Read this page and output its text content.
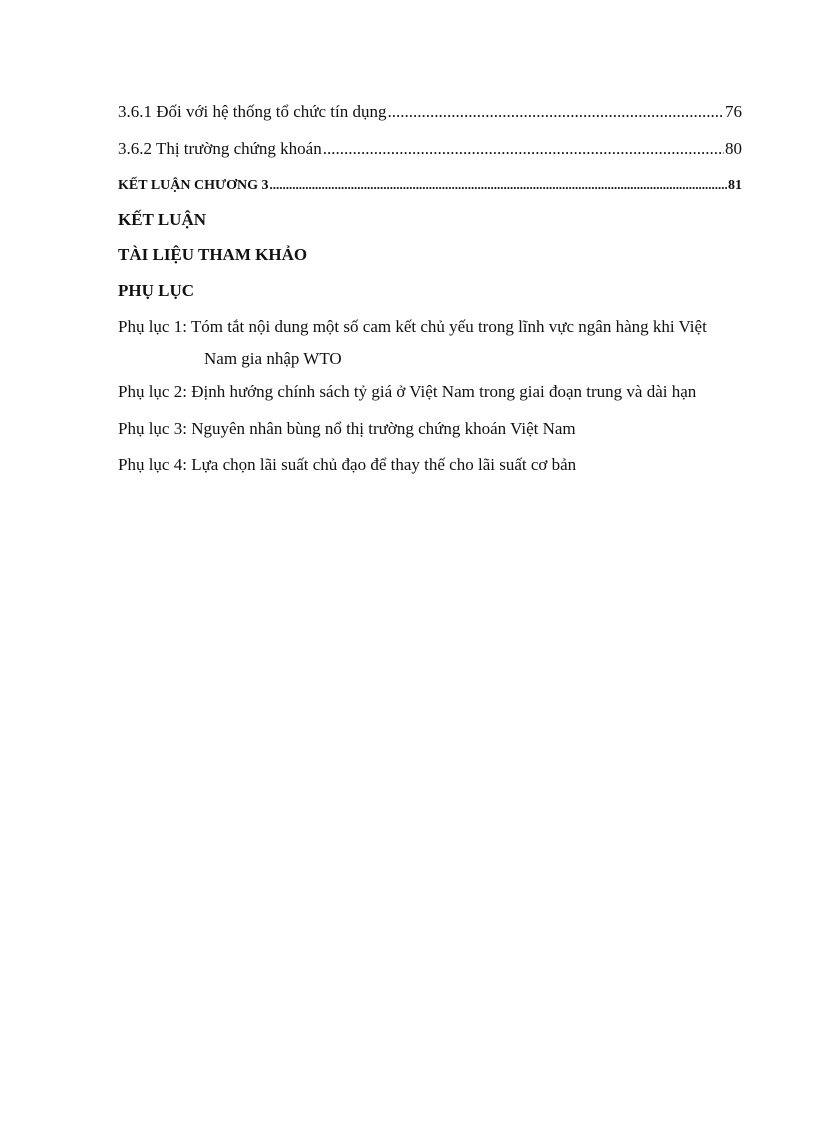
3.6.1 Đối với hệ thống tổ chức tín dụng .....	76
3.6.2 Thị trường chứng khoán .....	80
KẾT LUẬN CHƯƠNG 3 .....	81
KẾT LUẬN
TÀI LIỆU THAM KHẢO
PHỤ LỤC
Phụ lục 1: Tóm tắt nội dung một số cam kết chủ yếu trong lĩnh vực ngân hàng khi Việt
Nam gia nhập WTO
Phụ lục 2: Định hướng chính sách tỷ giá ở Việt Nam trong giai đoạn trung và dài hạn
Phụ lục 3: Nguyên nhân bùng nổ thị trường chứng khoán Việt Nam
Phụ lục 4: Lựa chọn lãi suất chủ đạo để thay thế cho lãi suất cơ bản
